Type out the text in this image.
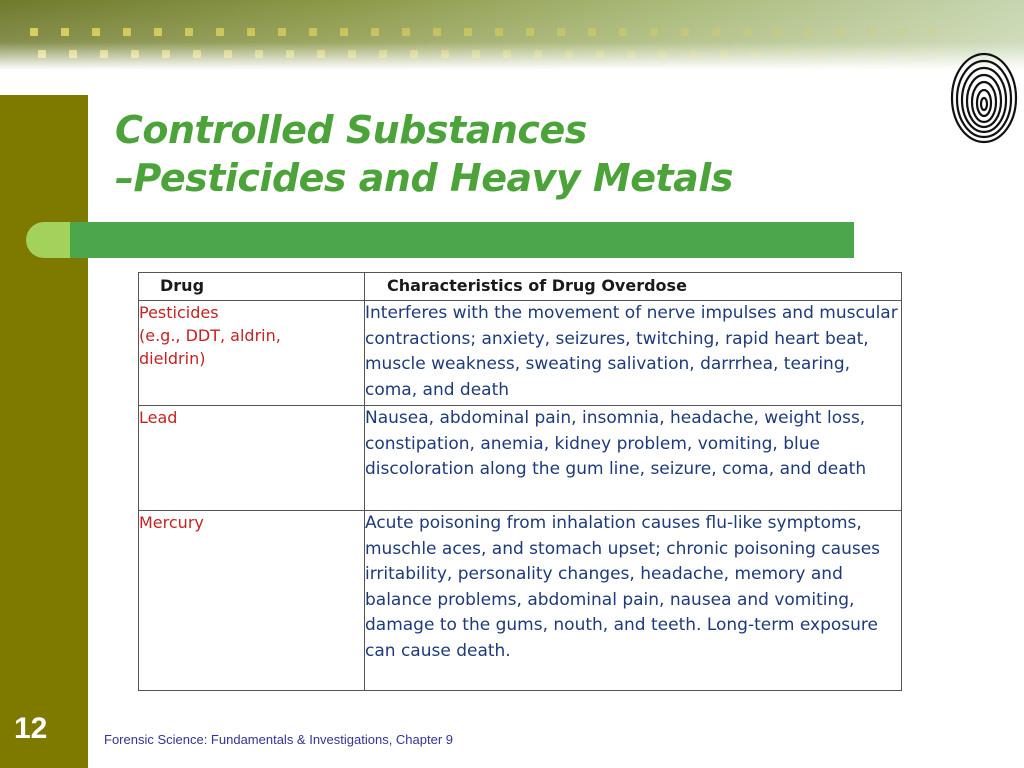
12
Controlled Substances
–Pesticides and Heavy Metals
Drug	Characteristics of Drug Overdose
Pesticides
(e.g., DDT, aldrin,
dieldrin)	Interferes with the movement of nerve impulses and muscular contractions; anxiety, seizures, twitching, rapid heart beat, muscle weakness, sweating salivation, darrrhea, tearing, coma, and death
Lead	Nausea, abdominal pain, insomnia, headache, weight loss, constipation, anemia, kidney problem, vomiting, blue discoloration along the gum line, seizure, coma, and death
Mercury	Acute poisoning from inhalation causes flu-like symptoms, muschle aces, and stomach upset; chronic poisoning causes irritability, personality changes, headache, memory and balance problems, abdominal pain, nausea and vomiting, damage to the gums, nouth, and teeth. Long-term exposure can cause death.
Forensic Science: Fundamentals & Investigations, Chapter 9
